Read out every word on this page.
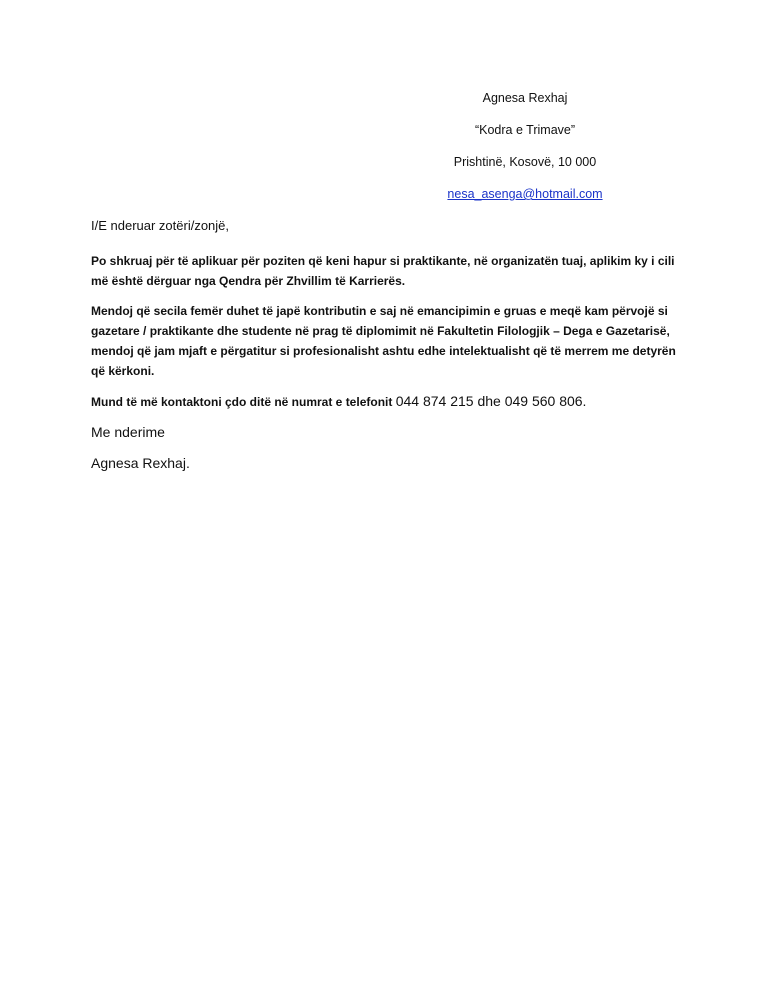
Agnesa Rexhaj
“Kodra e Trimave”
Prishtinë, Kosovë, 10 000
nesa_asenga@hotmail.com
I/E nderuar zotëri/zonjë,
Po shkruaj për të aplikuar për poziten që keni hapur si praktikante, në organizatën tuaj, aplikim ky i cili më është dërguar nga Qendra për Zhvillim të Karrierës.
Mendoj që secila femër duhet të japë kontributin e saj në emancipimin e gruas e meqë kam përvojë si gazetare / praktikante dhe studente në prag të diplomimit në Fakultetin Filologjik – Dega e Gazetarisë, mendoj që jam mjaft e përgatitur si profesionalisht ashtu edhe intelektualisht që të merrem me detyrën që kërkoni.
Mund të më kontaktoni çdo ditë në numrat e telefonit 044 874 215 dhe 049 560 806.
Me nderime
Agnesa Rexhaj.
